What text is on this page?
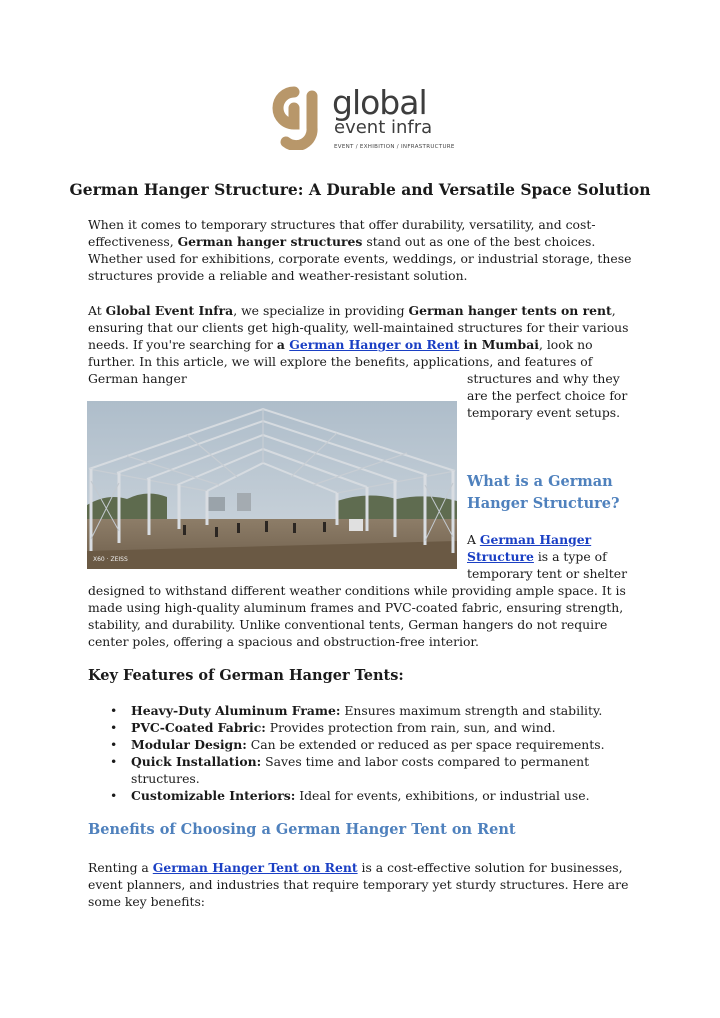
global
event infra
EVENT / EXHIBITION / INFRASTRUCTURE
German Hanger Structure: A Durable and Versatile Space Solution

When it comes to temporary structures that offer durability, versatility, and cost-effectiveness, German hanger structures stand out as one of the best choices. Whether used for exhibitions, corporate events, weddings, or industrial storage, these structures provide a reliable and weather-resistant solution.

At Global Event Infra, we specialize in providing German hanger tents on rent, ensuring that our clients get high-quality, well-maintained structures for their various needs. If you're searching for a German Hanger on Rent in Mumbai, look no further. In this article, we will explore the benefits, applications, and features of German hanger	structures and why they are the perfect choice for temporary event setups.

X60 · ZEISS
What is a German Hanger Structure?

A German Hanger Structure is a type of temporary tent or shelter

designed to withstand different weather conditions while providing ample space. It is made using high-quality aluminum frames and PVC-coated fabric, ensuring strength, stability, and durability. Unlike conventional tents, German hangers do not require center poles, offering a spacious and obstruction-free interior.

Key Features of German Hanger Tents:
• Heavy-Duty Aluminum Frame: Ensures maximum strength and stability.
• PVC-Coated Fabric: Provides protection from rain, sun, and wind.
• Modular Design: Can be extended or reduced as per space requirements.
• Quick Installation: Saves time and labor costs compared to permanent structures.
• Customizable Interiors: Ideal for events, exhibitions, or industrial use.
Benefits of Choosing a German Hanger Tent on Rent

Renting a German Hanger Tent on Rent is a cost-effective solution for businesses, event planners, and industries that require temporary yet sturdy structures. Here are some key benefits:
